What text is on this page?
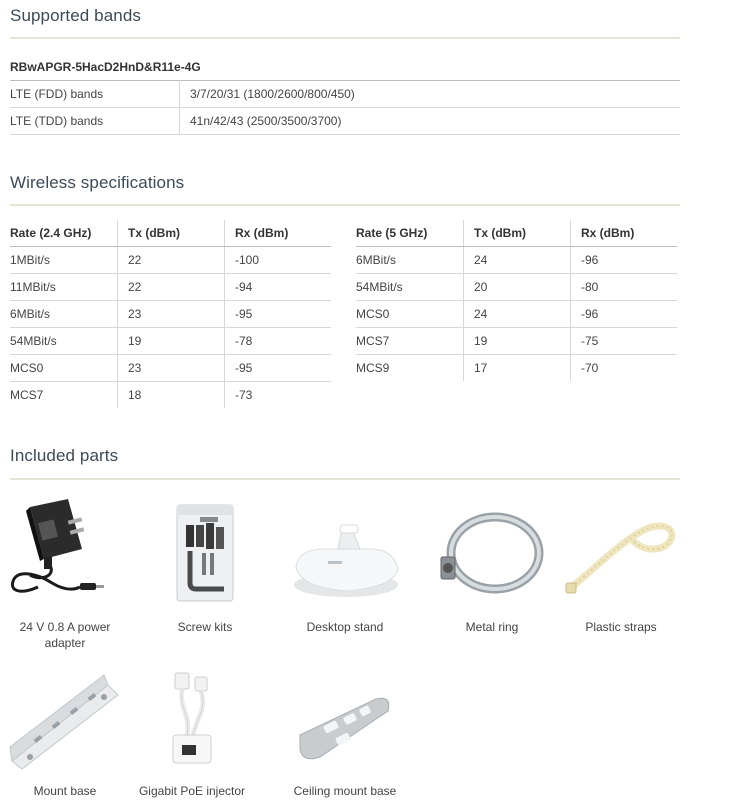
Supported bands
RBwAPGR-5HacD2HnD&R11e-4G
LTE (FDD) bands	3/7/20/31 (1800/2600/800/450)
LTE (TDD) bands	41n/42/43 (2500/3500/3700)
Wireless specifications
Rate (2.4 GHz)	Tx (dBm)	Rx (dBm)
1MBit/s	22	-100
11MBit/s	22	-94
6MBit/s	23	-95
54MBit/s	19	-78
MCS0	23	-95
MCS7	18	-73
Rate (5 GHz)	Tx (dBm)	Rx (dBm)
6MBit/s	24	-96
54MBit/s	20	-80
MCS0	24	-96
MCS7	19	-75
MCS9	17	-70
Included parts
24 V 0.8 A power adapter
Screw kits	Desktop stand	Metal ring	Plastic straps
Mount base	Gigabit PoE injector	Ceiling mount base
